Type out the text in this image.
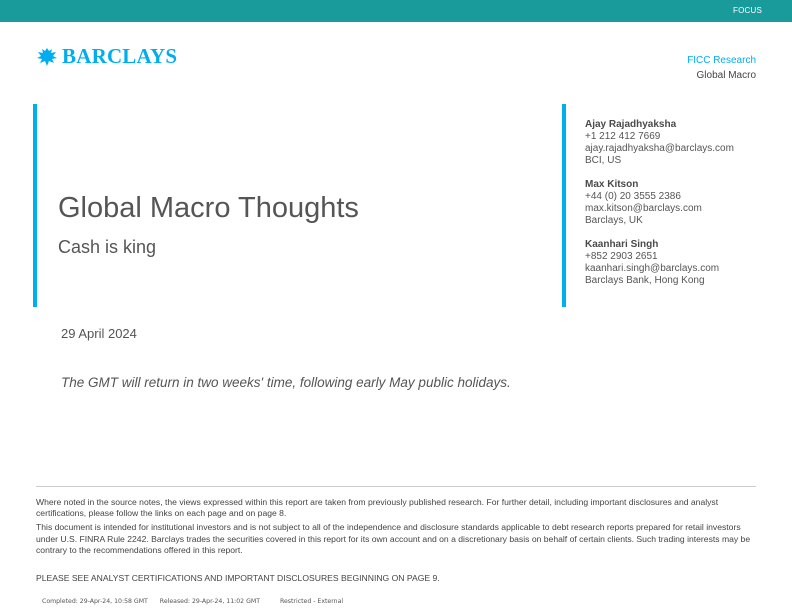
FOCUS
BARCLAYS	FICC Research
Global Macro
Global Macro Thoughts
Cash is king
Ajay Rajadhyaksha
+1 212 412 7669
ajay.rajadhyaksha@barclays.com
BCI, US
Max Kitson
+44 (0) 20 3555 2386
max.kitson@barclays.com
Barclays, UK
Kaanhari Singh
+852 2903 2651
kaanhari.singh@barclays.com
Barclays Bank, Hong Kong
29 April 2024
The GMT will return in two weeks' time, following early May public holidays.

Where noted in the source notes, the views expressed within this report are taken from previously published research. For further detail, including important disclosures and analyst certifications, please follow the links on each page and on page 8.

This document is intended for institutional investors and is not subject to all of the independence and disclosure standards applicable to debt research reports prepared for retail investors under U.S. FINRA Rule 2242. Barclays trades the securities covered in this report for its own account and on a discretionary basis on behalf of certain clients. Such trading interests may be contrary to the recommendations offered in this report.

PLEASE SEE ANALYST CERTIFICATIONS AND IMPORTANT DISCLOSURES BEGINNING ON PAGE 9.
Completed: 29-Apr-24, 10:58 GMT Released: 29-Apr-24, 11:02 GMT	Restricted - External
